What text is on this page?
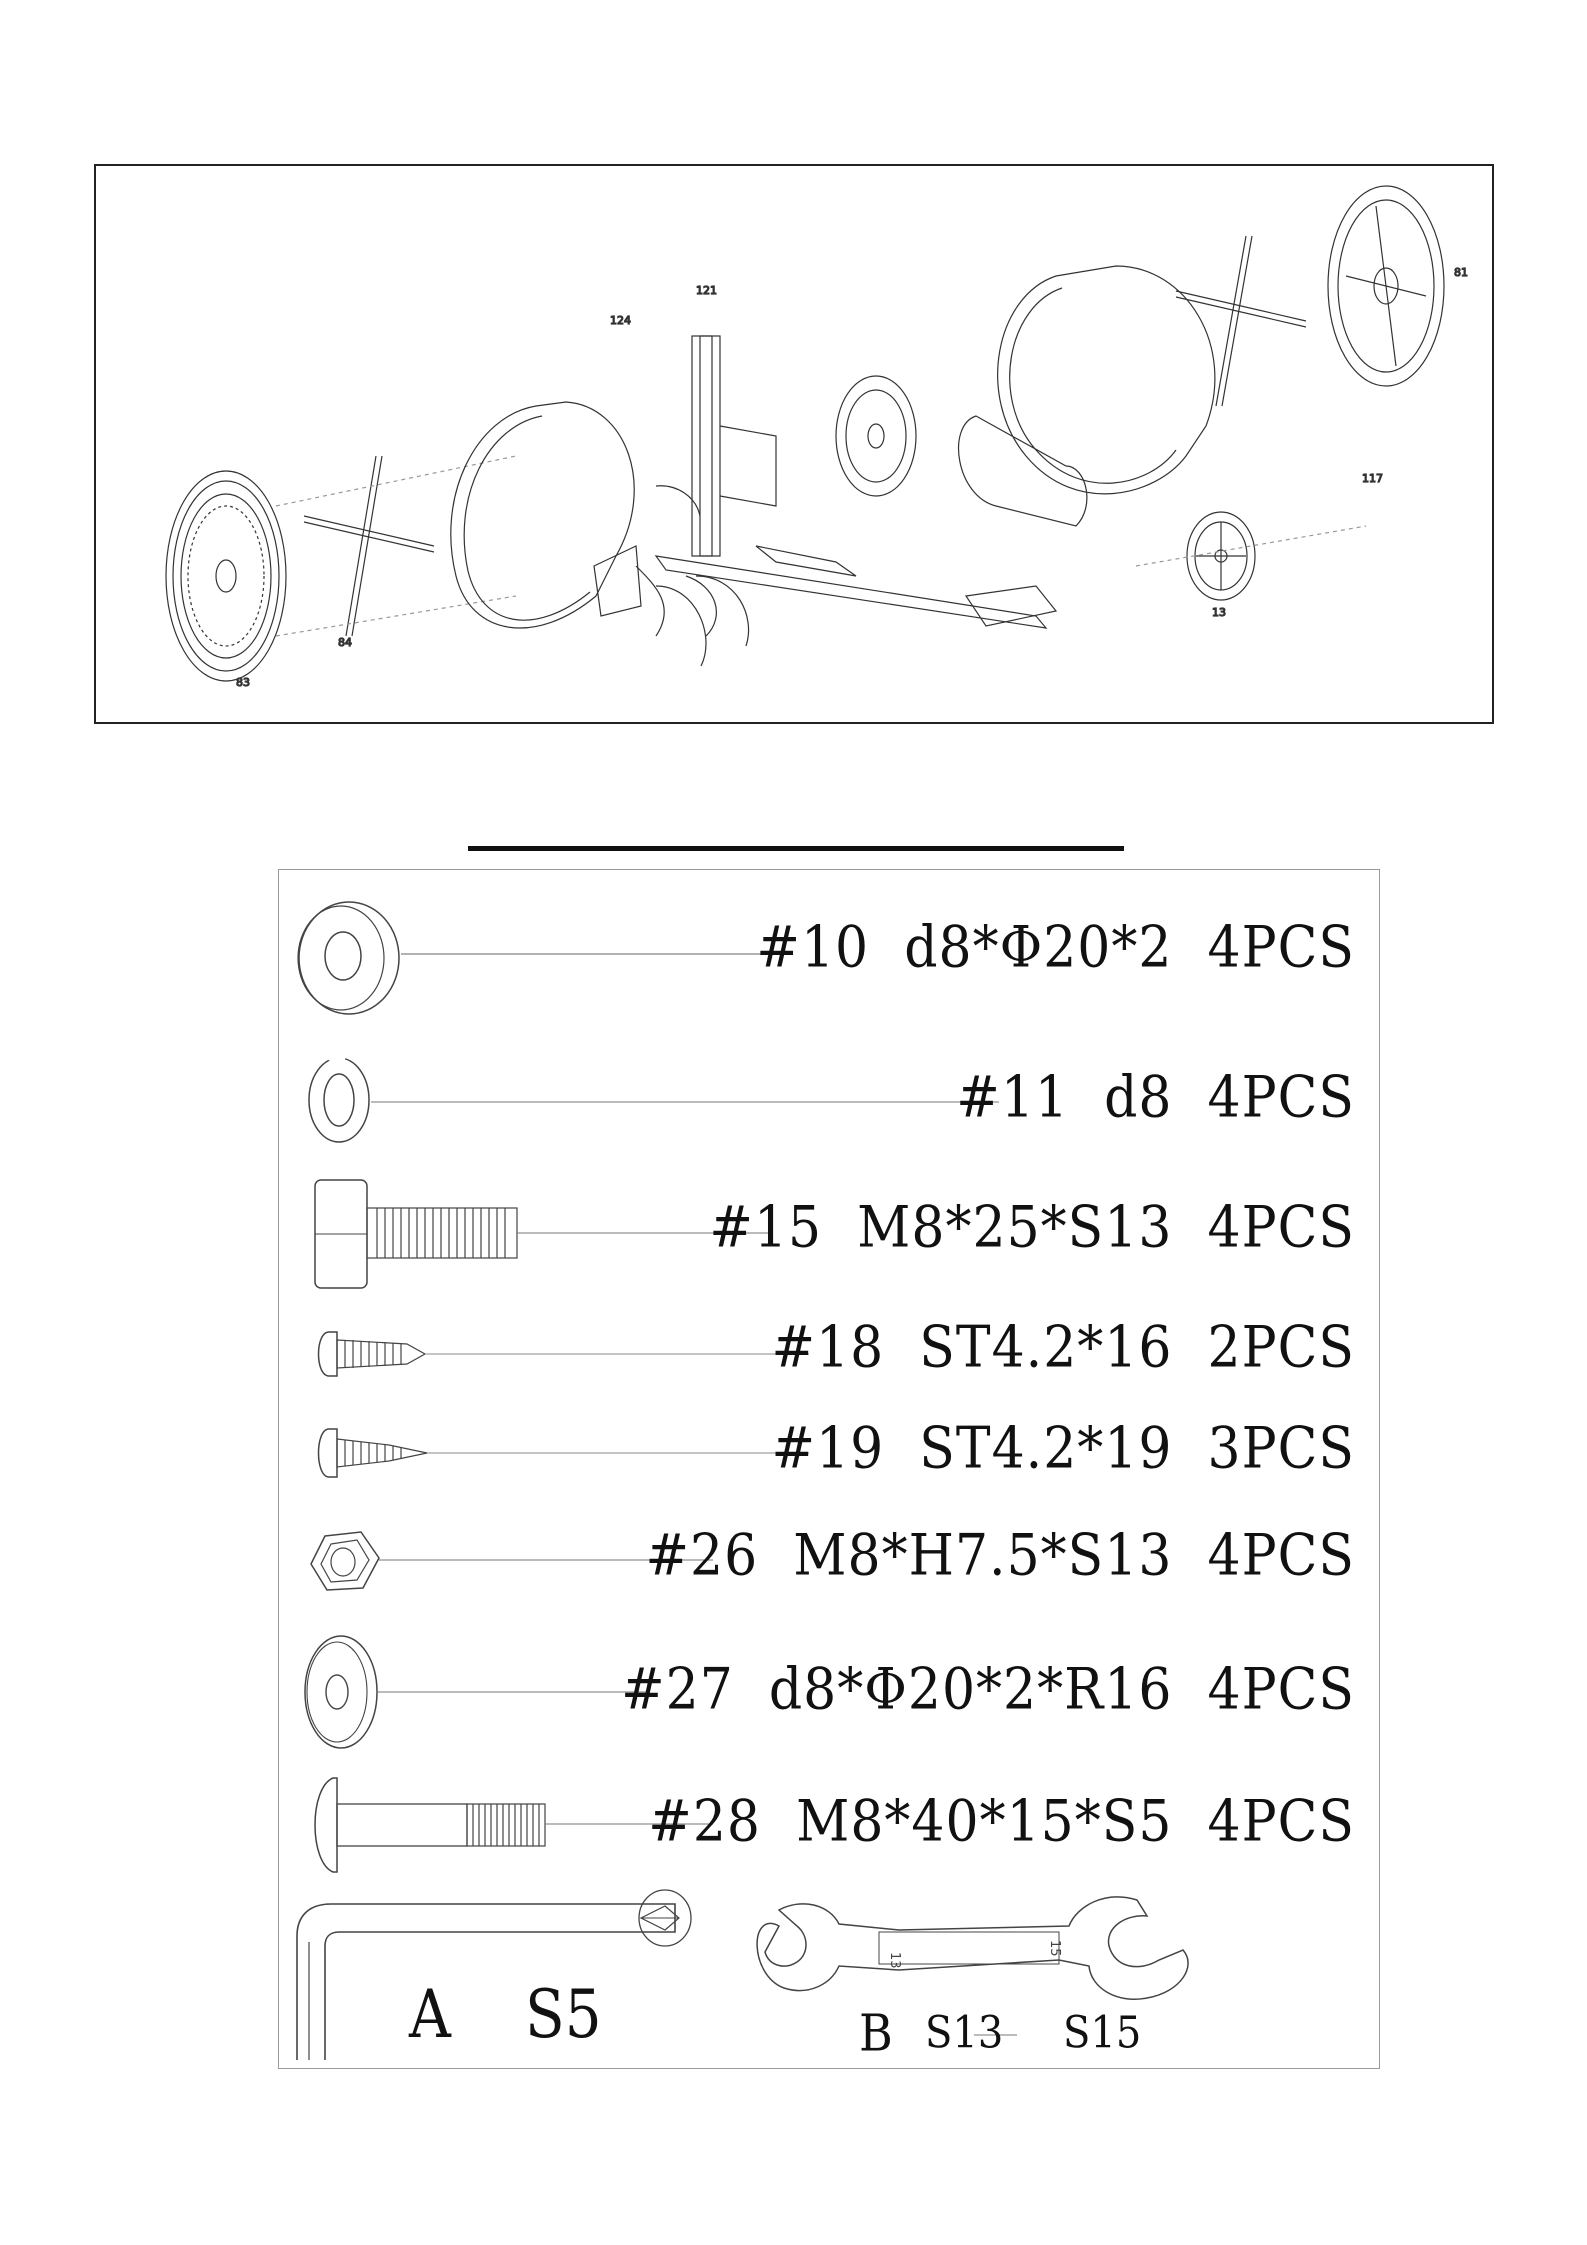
121
124
83
84
13
117
81
#10  d8*Φ20*2  4PCS
#11  d8  4PCS
#15  M8*25*S13  4PCS
#18  ST4.2*16  2PCS
#19  ST4.2*19  3PCS
#26  M8*H7.5*S13  4PCS
#27  d8*Φ20*2*R16  4PCS
#28  M8*40*15*S5  4PCS
A S5
13
15
B S13 S15
